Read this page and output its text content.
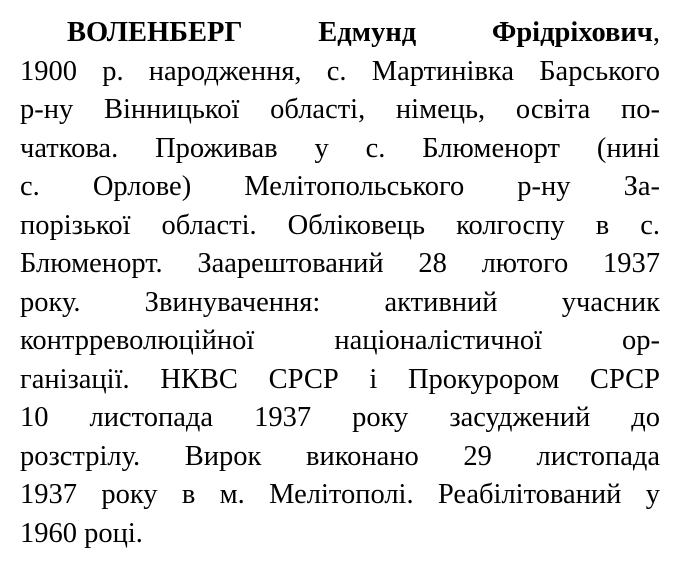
ВОЛЕНБЕРГ Едмунд Фрідріхович,
1900 р. народження, с. Мартинівка Барського
р-ну Вінницької області, німець, освіта по-
чаткова. Проживав у с. Блюменорт (нині
с. Орлове) Мелітопольського р-ну За-
порізької області. Обліковець колгоспу в с.
Блюменорт. Заарештований 28 лютого 1937
року. Звинувачення: активний учасник
контрреволюційної націоналістичної ор-
ганізації. НКВС СРСР і Прокурором СРСР
10 листопада 1937 року засуджений до
розстрілу. Вирок виконано 29 листопада
1937 року в м. Мелітополі. Реабілітований у
1960 році.
